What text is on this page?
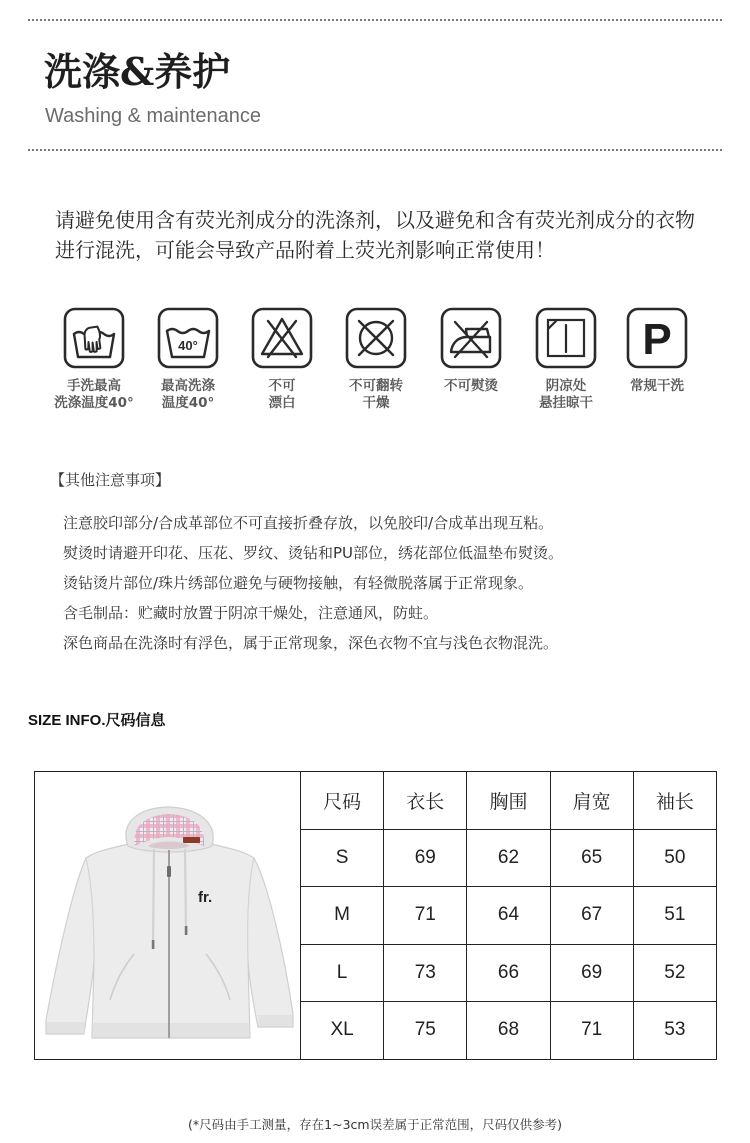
洗涤&养护
Washing & maintenance
请避免使用含有荧光剂成分的洗涤剂，以及避免和含有荧光剂成分的衣物
进行混洗，可能会导致产品附着上荧光剂影响正常使用！
手洗最高
洗涤温度40°
40°
最高洗涤
温度40°
不可
漂白
不可翻转
干燥
不可熨烫	阴凉处
悬挂晾干
P
常规干洗
【其他注意事项】
注意胶印部分/合成革部位不可直接折叠存放，以免胶印/合成革出现互粘。
熨烫时请避开印花、压花、罗纹、烫钻和PU部位，绣花部位低温垫布熨烫。
烫钻烫片部位/珠片绣部位避免与硬物接触，有轻微脱落属于正常现象。
含毛制品：贮藏时放置于阴凉干燥处，注意通风，防蛀。
深色商品在洗涤时有浮色，属于正常现象，深色衣物不宜与浅色衣物混洗。
SIZE INFO.尺码信息
fr.	尺码	衣长	胸围	肩宽	袖长
	S	69	62	65	50
	M	71	64	67	51
	L	73	66	69	52
	XL	75	68	71	53
(*尺码由手工测量，存在1~3cm误差属于正常范围，尺码仅供参考)
